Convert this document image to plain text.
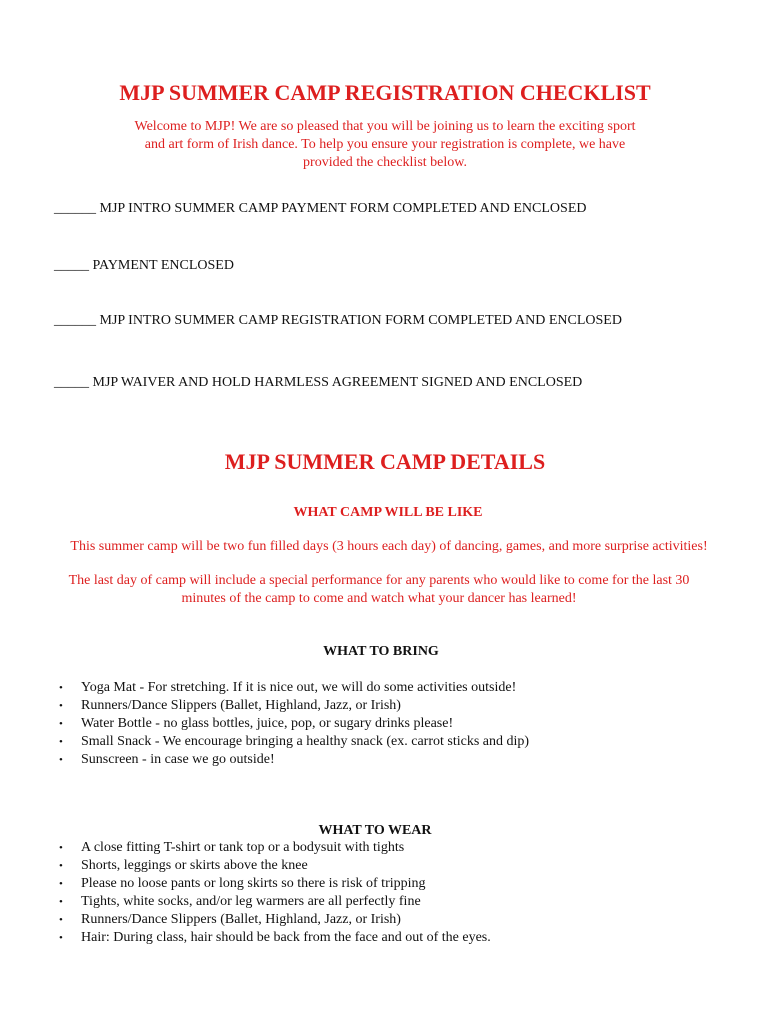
MJP SUMMER CAMP REGISTRATION CHECKLIST
Welcome to MJP! We are so pleased that you will be joining us to learn the exciting sport
and art form of Irish dance. To help you ensure your registration is complete, we have
provided the checklist below.
______ MJP INTRO SUMMER CAMP PAYMENT FORM COMPLETED AND ENCLOSED
_____ PAYMENT ENCLOSED
______ MJP INTRO SUMMER CAMP REGISTRATION FORM COMPLETED AND ENCLOSED
_____ MJP WAIVER AND HOLD HARMLESS AGREEMENT SIGNED AND ENCLOSED
MJP SUMMER CAMP DETAILS
WHAT CAMP WILL BE LIKE
This summer camp will be two fun filled days (3 hours each day) of dancing, games, and more surprise activities!
The last day of camp will include a special performance for any parents who would like to come for the last 30
minutes of the camp to come and watch what your dancer has learned!
WHAT TO BRING
• Yoga Mat - For stretching. If it is nice out, we will do some activities outside!
• Runners/Dance Slippers (Ballet, Highland, Jazz, or Irish)
• Water Bottle - no glass bottles, juice, pop, or sugary drinks please!
• Small Snack - We encourage bringing a healthy snack (ex. carrot sticks and dip)
• Sunscreen - in case we go outside!
WHAT TO WEAR
• A close fitting T-shirt or tank top or a bodysuit with tights
• Shorts, leggings or skirts above the knee
• Please no loose pants or long skirts so there is risk of tripping
• Tights, white socks, and/or leg warmers are all perfectly fine
• Runners/Dance Slippers (Ballet, Highland, Jazz, or Irish)
• Hair: During class, hair should be back from the face and out of the eyes.
